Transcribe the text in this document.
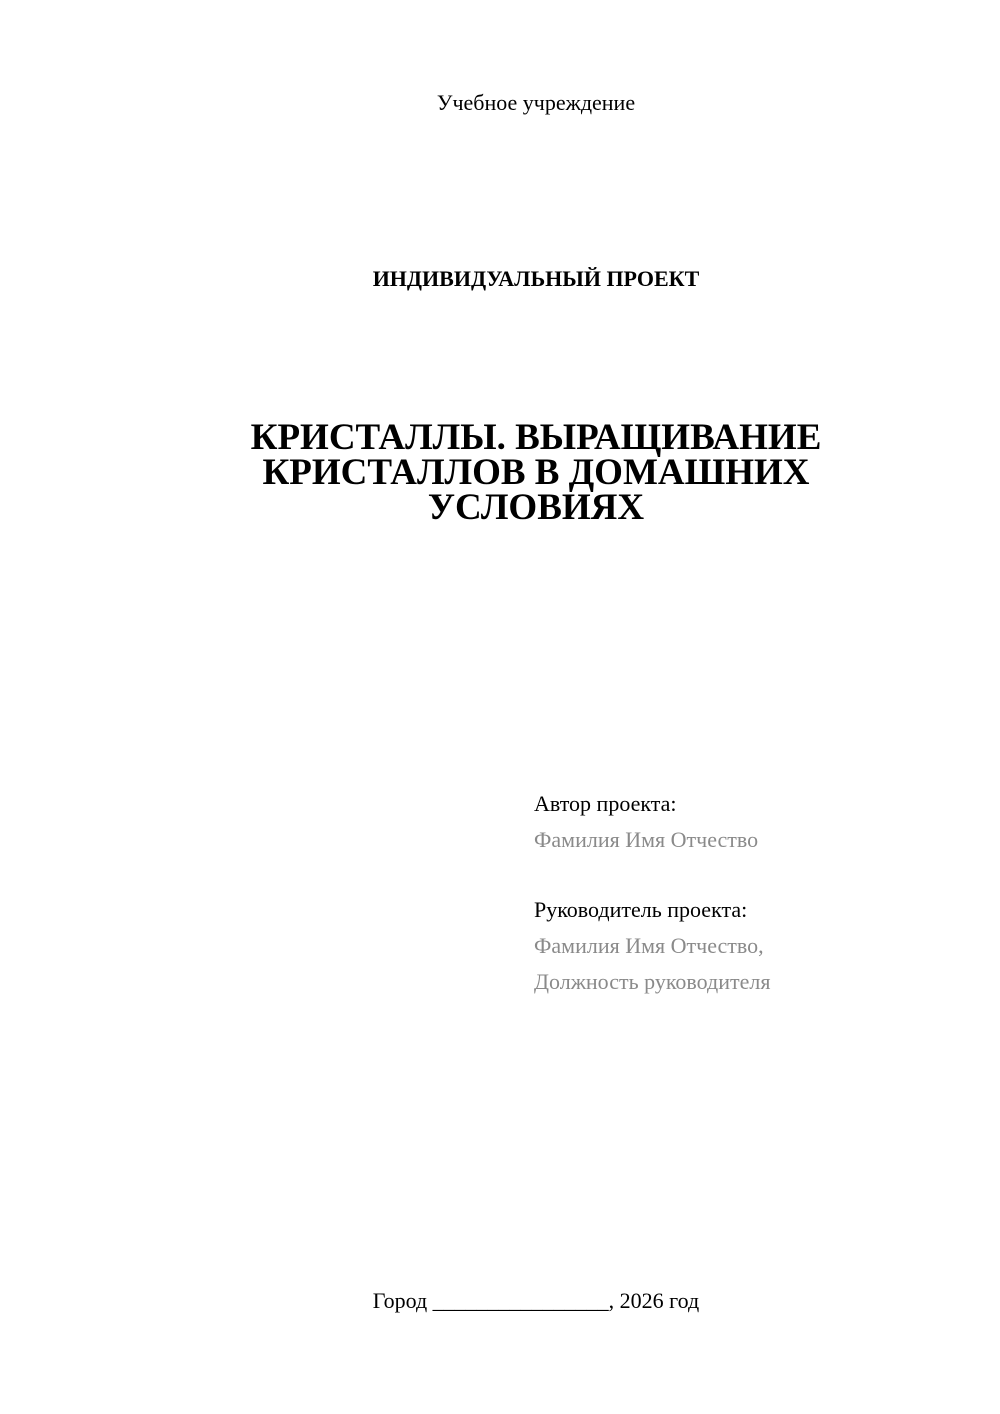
Учебное учреждение
ИНДИВИДУАЛЬНЫЙ ПРОЕКТ
КРИСТАЛЛЫ. ВЫРАЩИВАНИЕ
КРИСТАЛЛОВ В ДОМАШНИХ
УСЛОВИЯХ
Автор проекта:
Фамилия Имя Отчество
Руководитель проекта:
Фамилия Имя Отчество,
Должность руководителя
Город ________________, 2026 год
